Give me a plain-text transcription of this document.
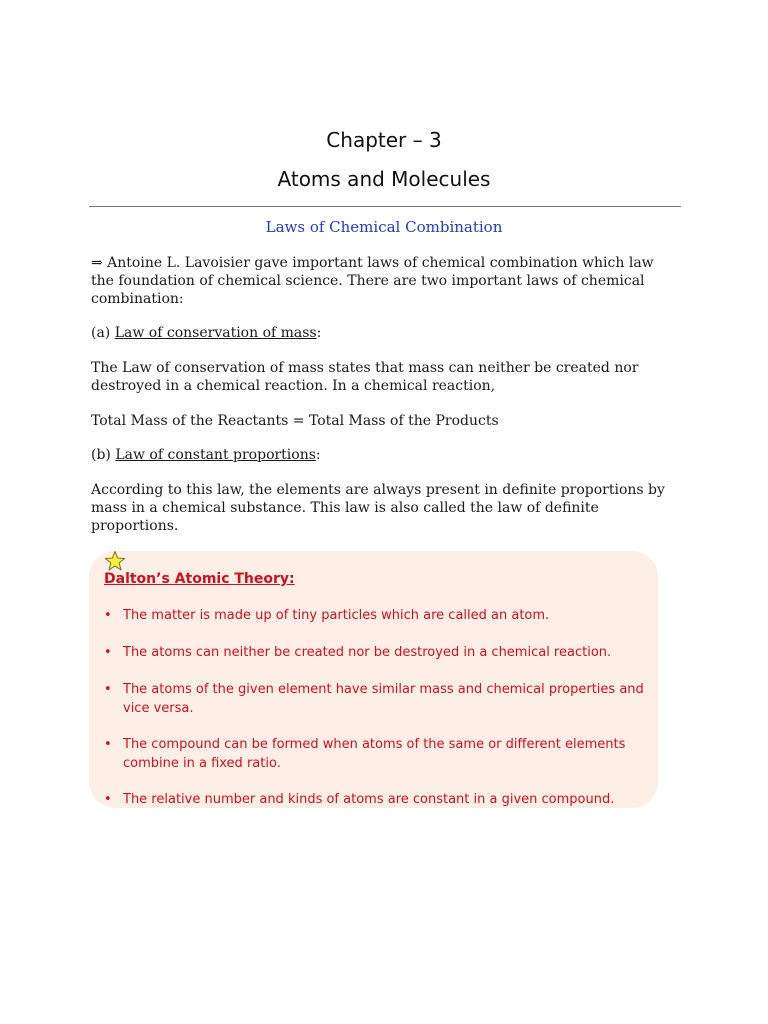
Chapter – 3
Atoms and Molecules
Laws of Chemical Combination
⇒ Antoine L. Lavoisier gave important laws of chemical combination which law the foundation of chemical science. There are two important laws of chemical combination:
(a) Law of conservation of mass:
The Law of conservation of mass states that mass can neither be created nor destroyed in a chemical reaction. In a chemical reaction,
Total Mass of the Reactants = Total Mass of the Products
(b) Law of constant proportions:
According to this law, the elements are always present in definite proportions by mass in a chemical substance. This law is also called the law of definite proportions.
Dalton’s Atomic Theory:
• The matter is made up of tiny particles which are called an atom.
• The atoms can neither be created nor be destroyed in a chemical reaction.
• The atoms of the given element have similar mass and chemical properties and vice versa.
• The compound can be formed when atoms of the same or different elements combine in a fixed ratio.
• The relative number and kinds of atoms are constant in a given compound.
